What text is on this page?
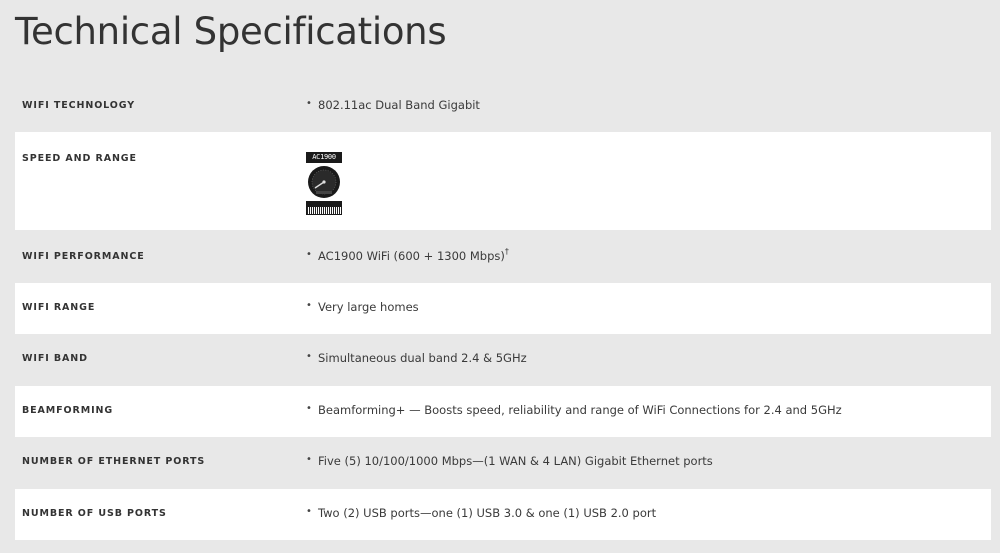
Technical Specifications
WIFI TECHNOLOGY	• 802.11ac Dual Band Gigabit
SPEED AND RANGE	AC1900
WIFI PERFORMANCE	• AC1900 WiFi (600 + 1300 Mbps)†
WIFI RANGE	• Very large homes
WIFI BAND	• Simultaneous dual band 2.4 & 5GHz
BEAMFORMING	• Beamforming+ — Boosts speed, reliability and range of WiFi Connections for 2.4 and 5GHz
NUMBER OF ETHERNET PORTS	• Five (5) 10/100/1000 Mbps—(1 WAN & 4 LAN) Gigabit Ethernet ports
NUMBER OF USB PORTS	• Two (2) USB ports—one (1) USB 3.0 & one (1) USB 2.0 port
